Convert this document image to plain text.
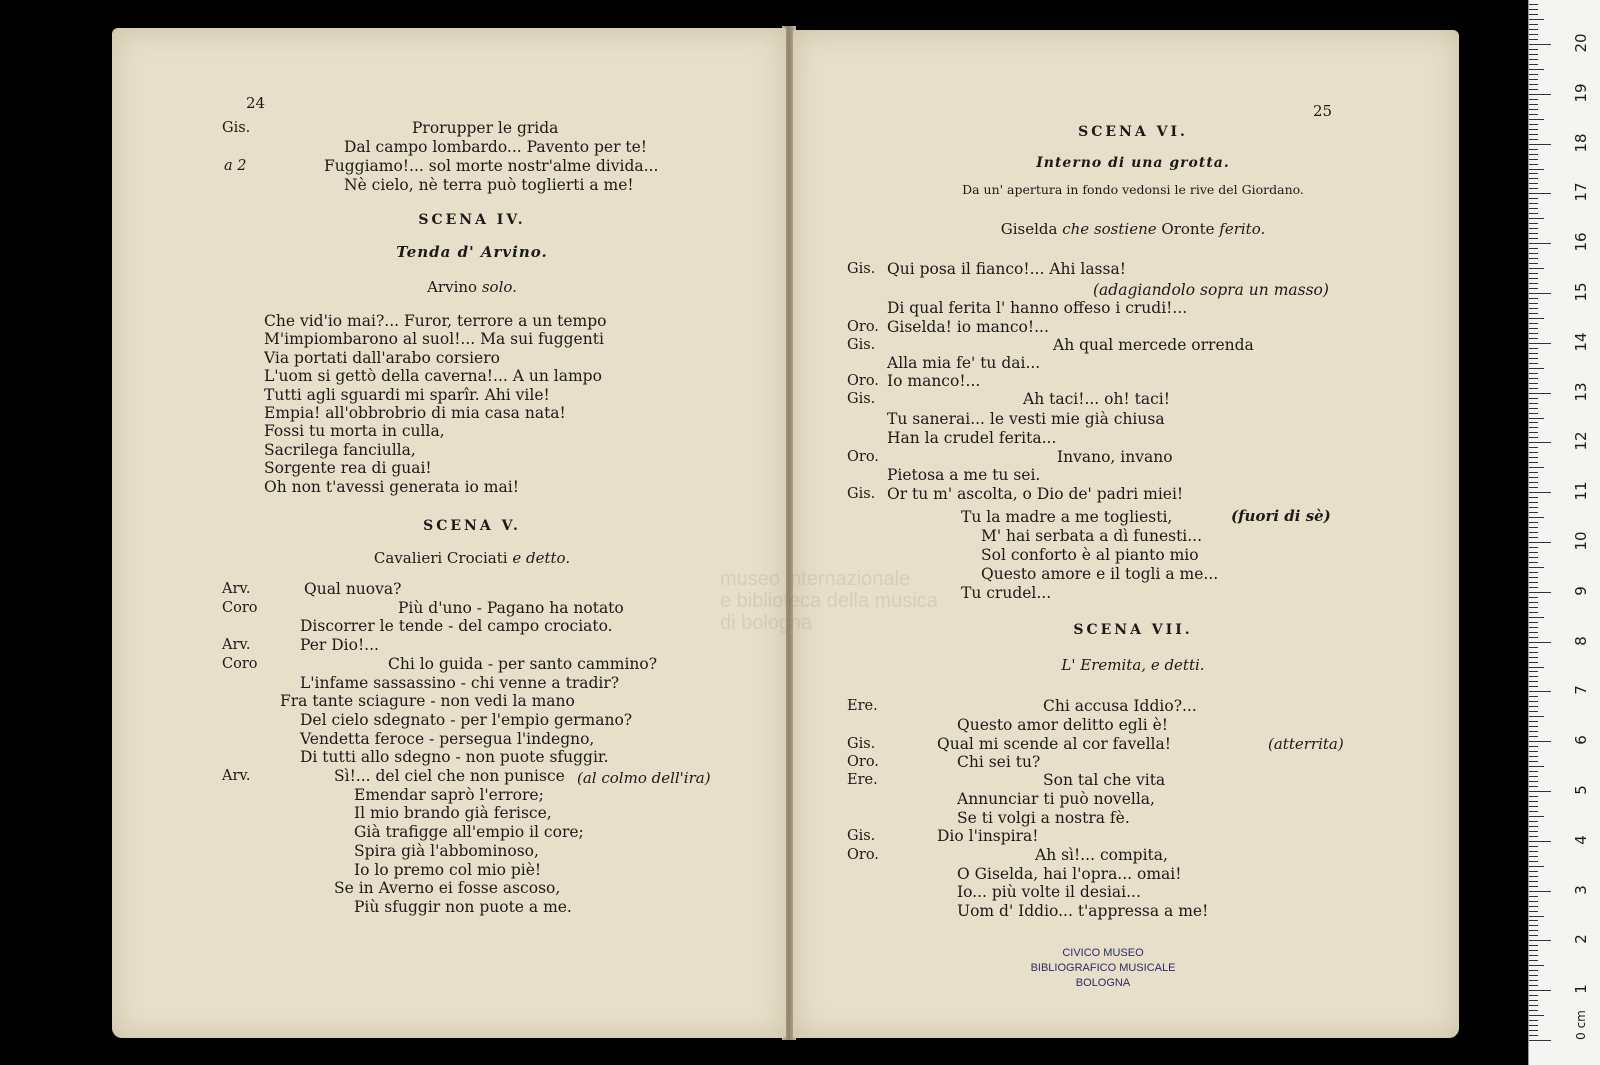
24
Gis.	Prorupper le grida
Dal campo lombardo... Pavento per te!
a 2	Fuggiamo!... sol morte nostr'alme divida...
Nè cielo, nè terra può toglierti a me!
SCENA IV.
Tenda d' Arvino.
Arvino solo.
Che vid'io mai?... Furor, terrore a un tempo
M'impiombarono al suol!... Ma sui fuggenti
Via portati dall'arabo corsiero
L'uom si gettò della caverna!... A un lampo
Tutti agli sguardi mi sparîr. Ahi vile!
Empia! all'obbrobrio di mia casa nata!
Fossi tu morta in culla,
Sacrilega fanciulla,
Sorgente rea di guai!
Oh non t'avessi generata io mai!
SCENA V.
Cavalieri Crociati e detto.
Arv.	Qual nuova?
Coro	Più d'uno - Pagano ha notato
Discorrer le tende - del campo crociato.
Arv.	Per Dio!...
Coro	Chi lo guida - per santo cammino?
L'infame sassassino - chi venne a tradir?
Fra tante sciagure - non vedi la mano
Del cielo sdegnato - per l'empio germano?
Vendetta feroce - persegua l'indegno,
Di tutti allo sdegno - non puote sfuggir.
Arv.	Sì!... del ciel che non punisce
Emendar saprò l'errore;
Il mio brando già ferisce,
Già trafigge all'empio il core;
Spira già l'abbominoso,
Io lo premo col mio piè!
Se in Averno ei fosse ascoso,
Più sfuggir non puote a me.
(al colmo dell'ira)
25
SCENA VI.
Interno di una grotta.
Da un' apertura in fondo vedonsi le rive del Giordano.
Giselda che sostiene Oronte ferito.
Gis. Qui posa il fianco!... Ahi lassa!
(adagiandolo sopra un masso)
Di qual ferita l' hanno offeso i crudi!...
Oro. Giselda! io manco!...
Gis.	Ah qual mercede orrenda
Alla mia fe' tu dai...
Oro. Io manco!...
Gis.	Ah taci!... oh! taci!
Tu sanerai... le vesti mie già chiusa
Han la crudel ferita...
Oro.	Invano, invano
Pietosa a me tu sei.
Gis. Or tu m' ascolta, o Dio de' padri miei!
Tu la madre a me togliesti,
M' hai serbata a dì funesti...
Sol conforto è al pianto mio
Questo amore e il togli a me...
Tu crudel...
(fuori di sè)
SCENA VII.
L' Eremita, e detti.
Ere.	Chi accusa Iddio?...
Questo amor delitto egli è!
Gis.	Qual mi scende al cor favella!
Oro.	Chi sei tu?
Ere.	Son tal che vita
Annunciar ti può novella,
Se ti volgi a nostra fè.
Gis.	Dio l'inspira!
Oro.	Ah sì!... compita,
O Giselda, hai l'opra... omai!
Io... più volte il desiai...
Uom d' Iddio... t'appressa a me!
(atterrita)
CIVICO MUSEO
BIBLIOGRAFICO MUSICALE
BOLOGNA
museo internazionale
e biblioteca della musica
di bologna
0 cm
1
2
3
4
5
6
7
8
9
10
11
12
13
14
15
16
17
18
19
20
